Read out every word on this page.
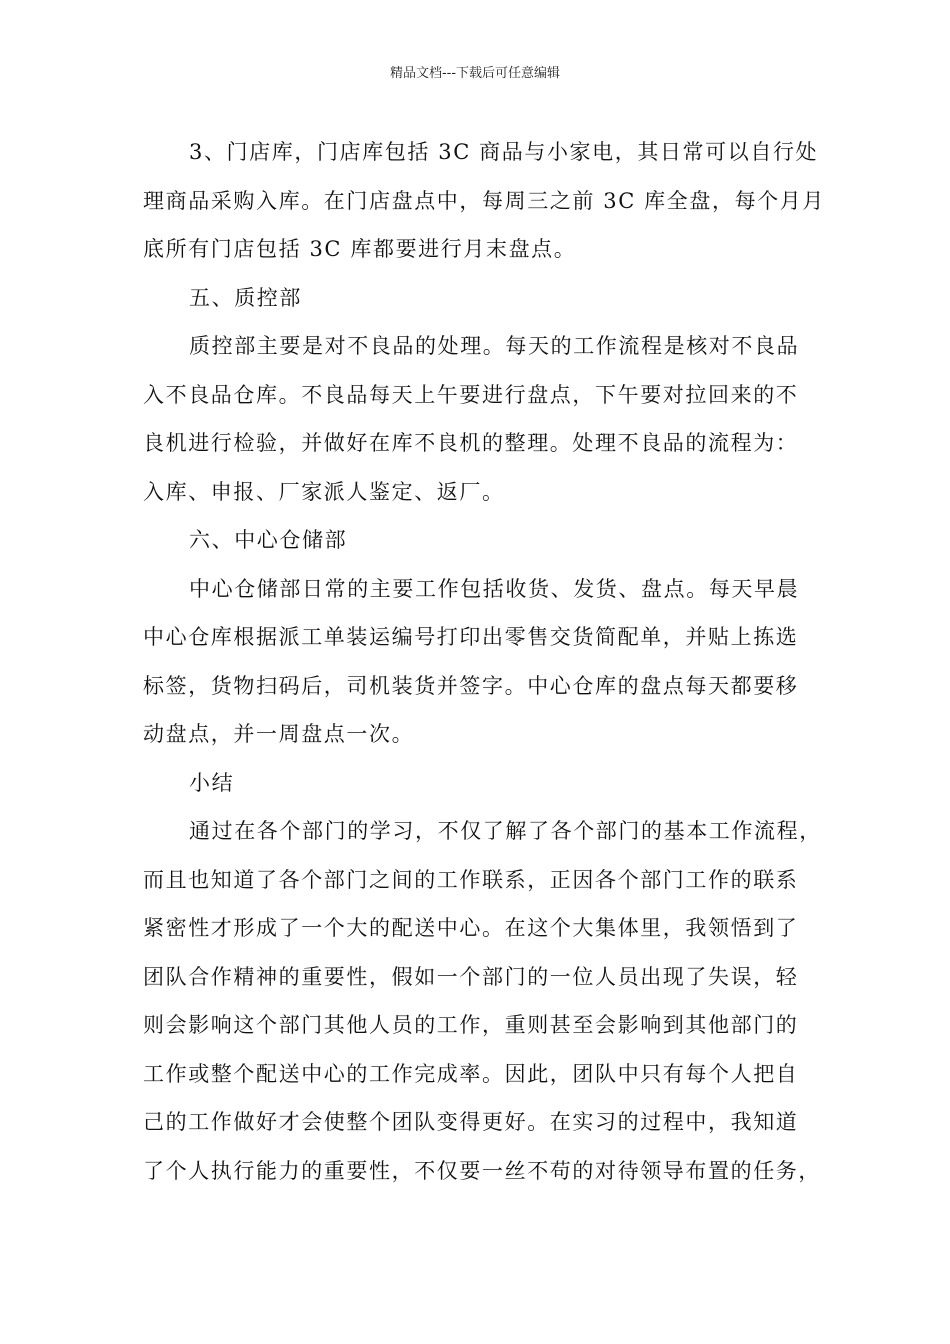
精品文档---下载后可任意编辑
3、门店库，门店库包括 3C 商品与小家电，其日常可以自行处
理商品采购入库。在门店盘点中，每周三之前 3C 库全盘，每个月月
底所有门店包括 3C 库都要进行月末盘点。
五、质控部
质控部主要是对不良品的处理。每天的工作流程是核对不良品
入不良品仓库。不良品每天上午要进行盘点，下午要对拉回来的不
良机进行检验，并做好在库不良机的整理。处理不良品的流程为：
入库、申报、厂家派人鉴定、返厂。
六、中心仓储部
中心仓储部日常的主要工作包括收货、发货、盘点。每天早晨
中心仓库根据派工单装运编号打印出零售交货简配单，并贴上拣选
标签，货物扫码后，司机装货并签字。中心仓库的盘点每天都要移
动盘点，并一周盘点一次。
小结
通过在各个部门的学习，不仅了解了各个部门的基本工作流程，
而且也知道了各个部门之间的工作联系，正因各个部门工作的联系
紧密性才形成了一个大的配送中心。在这个大集体里，我领悟到了
团队合作精神的重要性，假如一个部门的一位人员出现了失误，轻
则会影响这个部门其他人员的工作，重则甚至会影响到其他部门的
工作或整个配送中心的工作完成率。因此，团队中只有每个人把自
己的工作做好才会使整个团队变得更好。在实习的过程中，我知道
了个人执行能力的重要性，不仅要一丝不苟的对待领导布置的任务，
